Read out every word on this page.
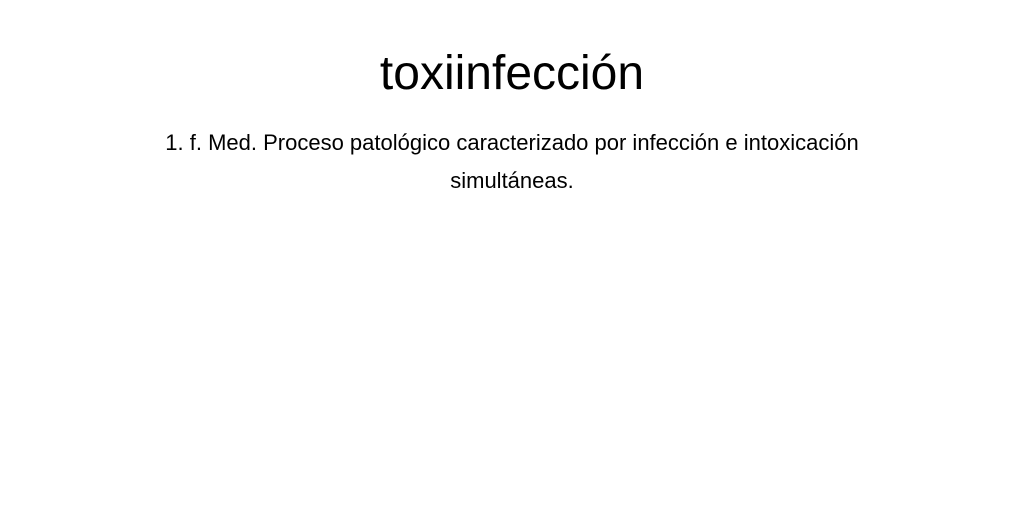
toxiinfección

1. f. Med. Proceso patológico caracterizado por infección e intoxicación simultáneas.
